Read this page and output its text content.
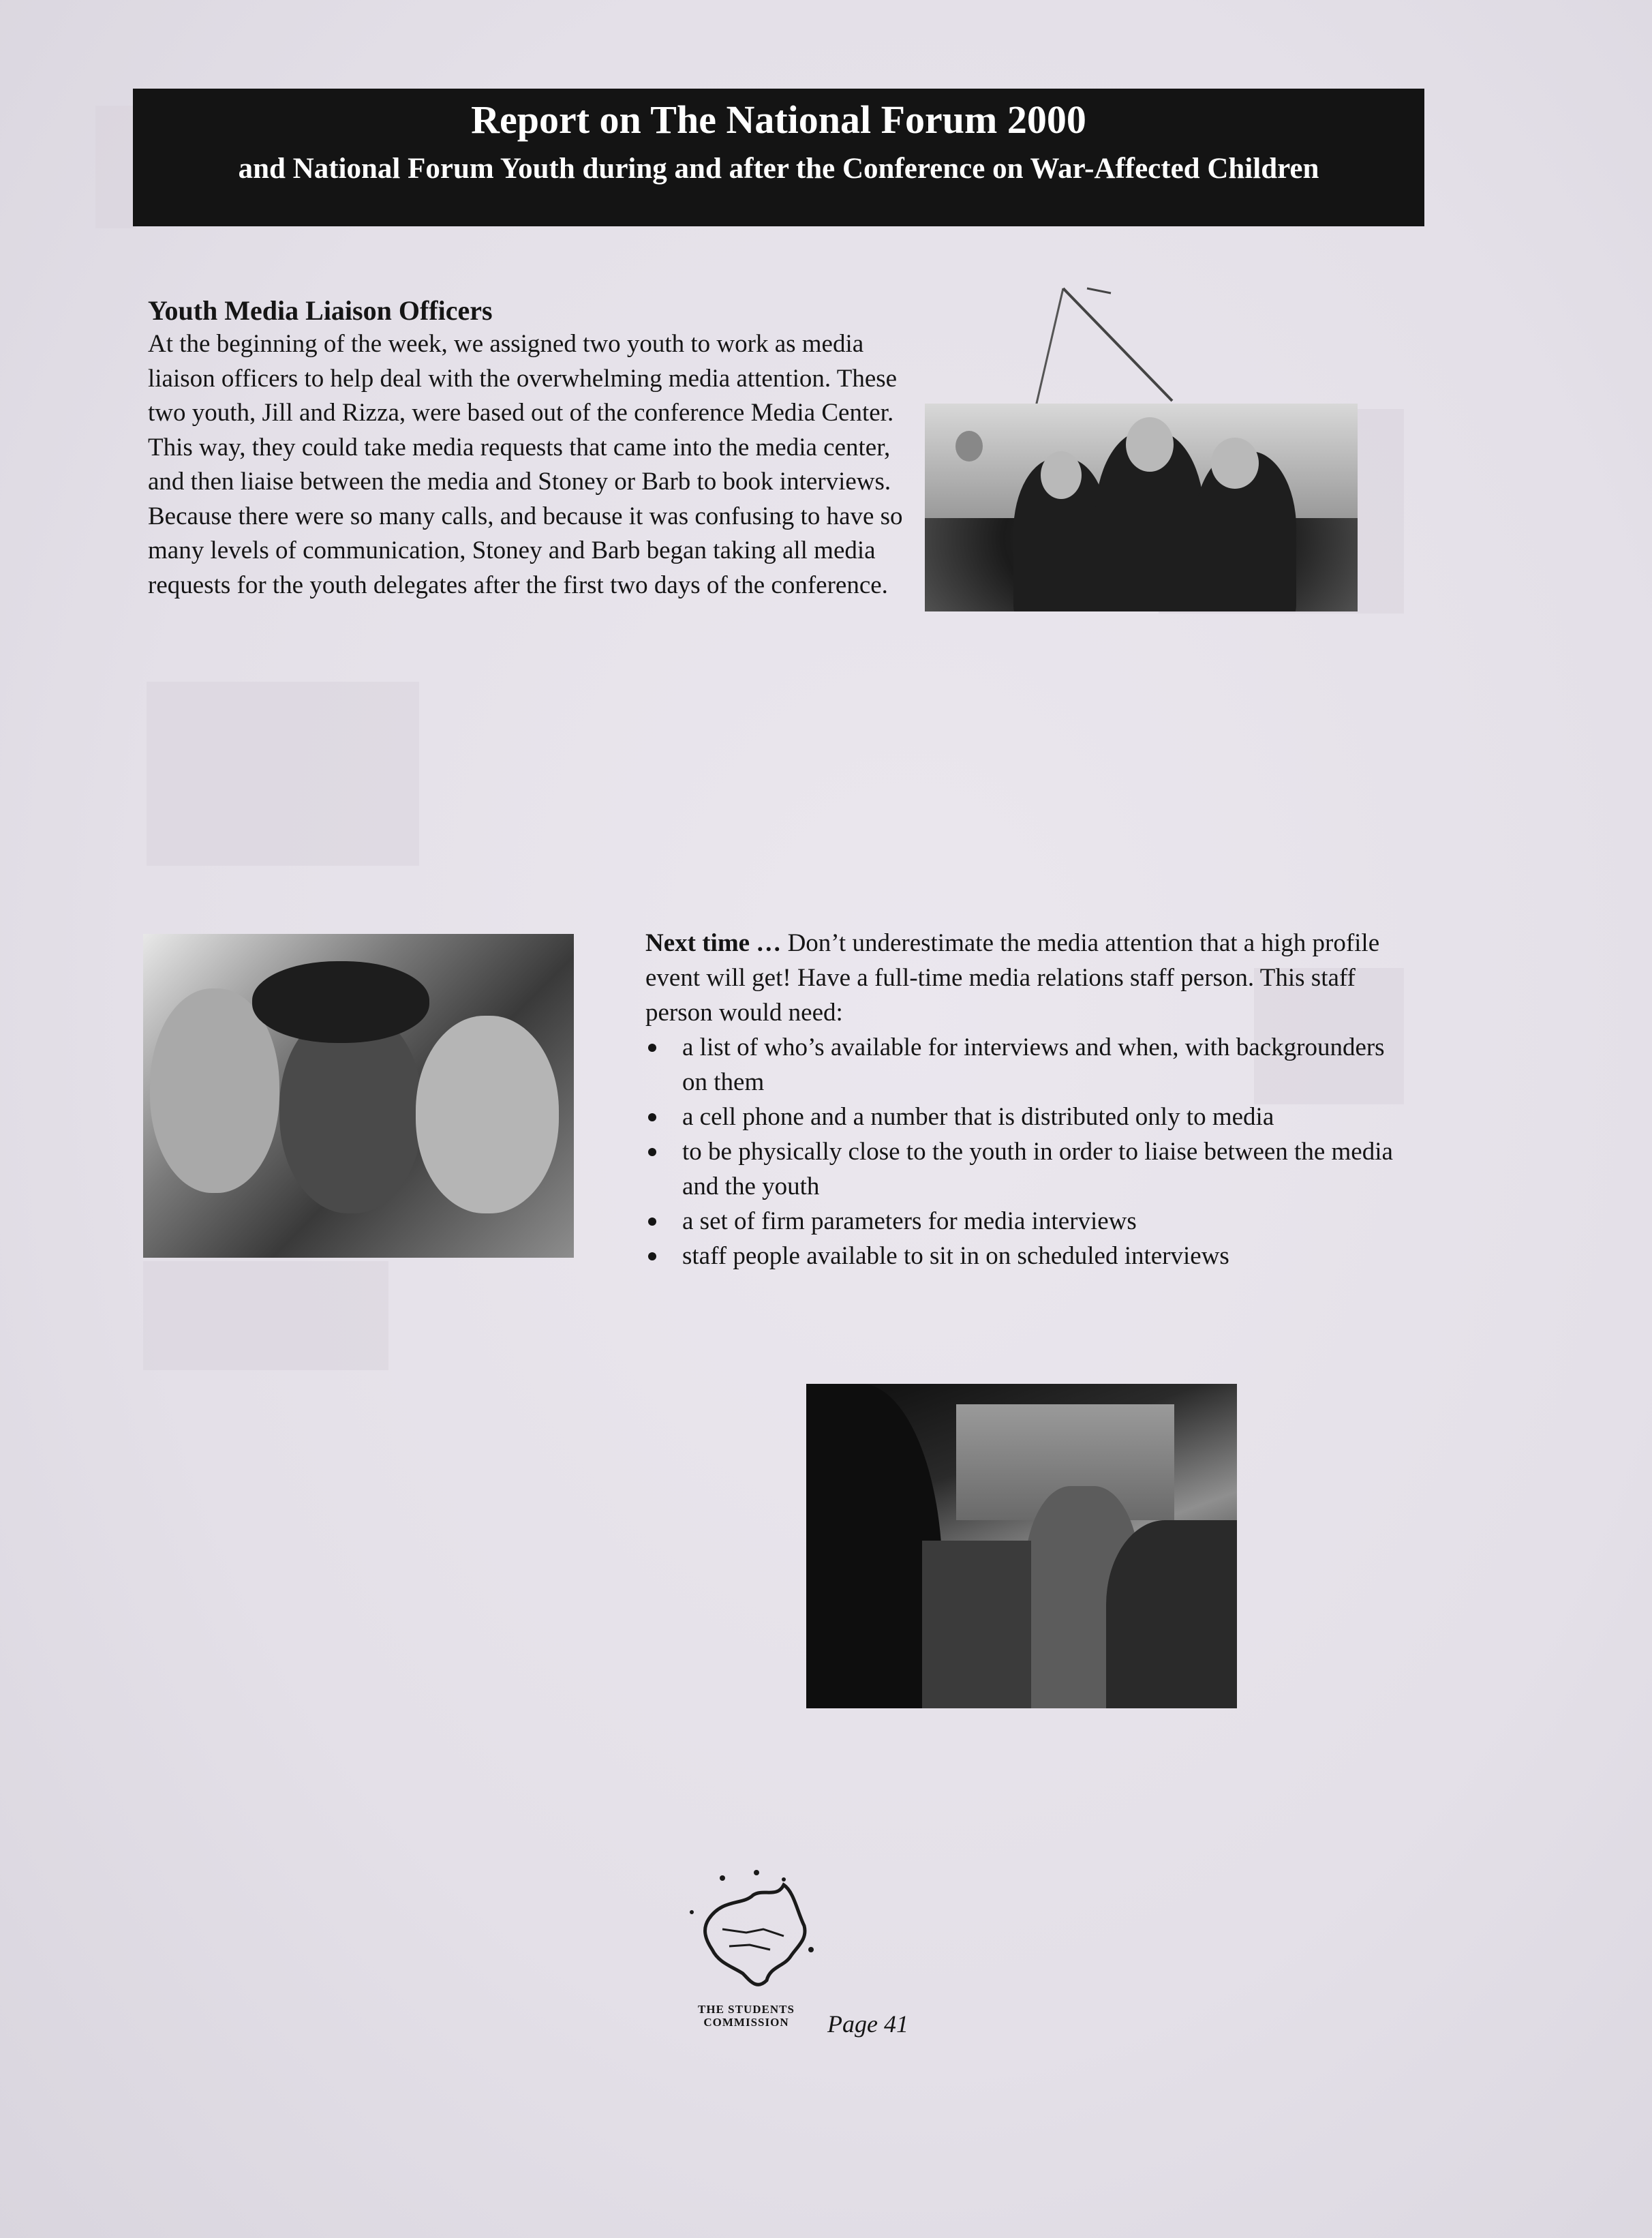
Report on The National Forum 2000
and National Forum Youth during and after the Conference on War-Affected Children
Youth Media Liaison Officers
At the beginning of the week, we assigned two youth to work as media liaison officers to help deal with the overwhelming media attention. These two youth, Jill and Rizza, were based out of the conference Media Center. This way, they could take media requests that came into the media center, and then liaise between the media and Stoney or Barb to book interviews. Because there were so many calls, and because it was confusing to have so many levels of communication, Stoney and Barb began taking all media requests for the youth delegates after the first two days of the conference.
Next time … Don’t underestimate the media attention that a high profile event will get! Have a full-time media relations staff person. This staff person would need:
a list of who’s available for interviews and when, with backgrounders on them
a cell phone and a number that is distributed only to media
to be physically close to the youth in order to liaise between the media and the youth
a set of firm parameters for media interviews
staff people available to sit in on scheduled interviews
THE STUDENTS
COMMISSION	Page 41
